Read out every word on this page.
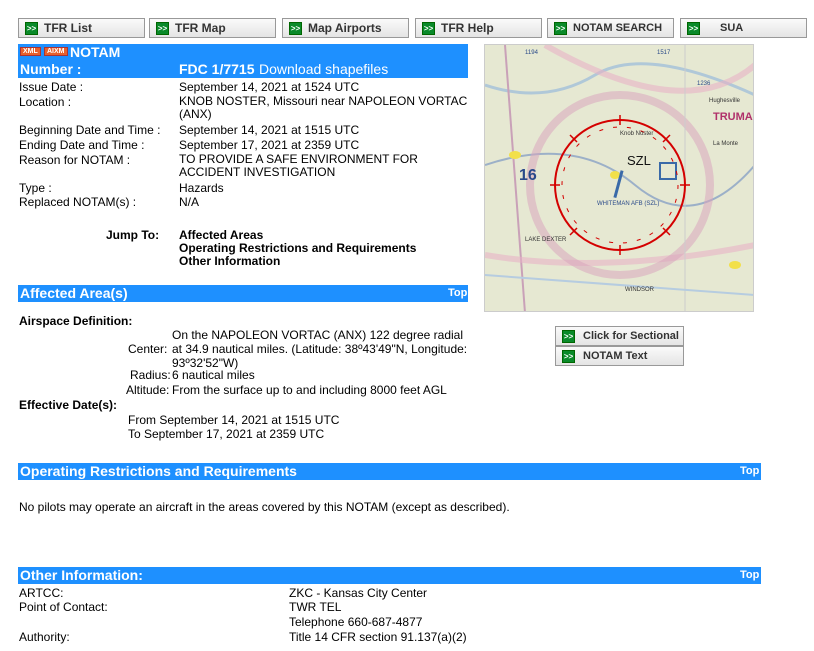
>> TFR List	>> TFR Map	>> Map Airports	>> TFR Help	>> NOTAM SEARCH	>> SUA
XML	AIXM NOTAM
Number :	FDC 1/7715 Download shapefiles
Issue Date :	September 14, 2021 at 1524 UTC
Location :	KNOB NOSTER, Missouri near NAPOLEON VORTAC (ANX)
Beginning Date and Time : September 14, 2021 at 1515 UTC
Ending Date and Time :	September 17, 2021 at 2359 UTC
Reason for NOTAM :	TO PROVIDE A SAFE ENVIRONMENT FOR ACCIDENT INVESTIGATION
Type :	Hazards
Replaced NOTAM(s) :	N/A
Jump To: Affected Areas
Operating Restrictions and Requirements
Other Information
SZL
Knob Noster
WHITEMAN AFB (SZL)
TRUMA
Hughesville
La Monte
LAKE DEXTER
WINDSOR
16
1194	1517
1236
>> Click for Sectional
>> NOTAM Text
Affected Area(s)	Top
Airspace Definition:
Center:
On the NAPOLEON VORTAC (ANX) 122 degree radial at 34.9 nautical miles. (Latitude: 38º43'49"N, Longitude: 93º32'52"W)
Radius: 6 nautical miles
Altitude: From the surface up to and including 8000 feet AGL
Effective Date(s):
From September 14, 2021 at 1515 UTC
To September 17, 2021 at 2359 UTC
Operating Restrictions and Requirements	Top
No pilots may operate an aircraft in the areas covered by this NOTAM (except as described).
Other Information:	Top
ARTCC:	ZKC - Kansas City Center
Point of Contact:	TWR TEL
Telephone 660-687-4877
Authority:	Title 14 CFR section 91.137(a)(2)
